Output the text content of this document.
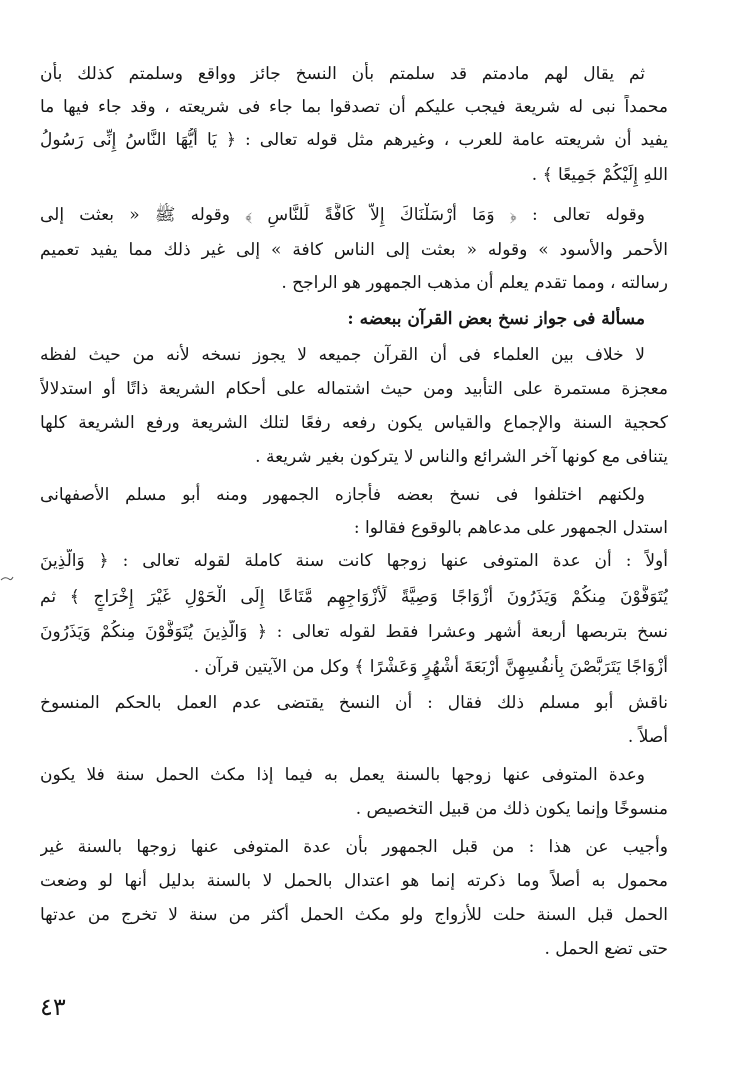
ثم يقال لهم مادمتم قد سلمتم بأن النسخ جائز وواقع وسلمتم كذلك بأن

محمداً نبى له شريعة فيجب عليكم أن تصدقوا بما جاء فى شريعته ، وقد جاء فيها ما

يفيد أن شريعته عامة للعرب ، وغيرهم مثل قوله تعالى : ﴿ يَا أَيُّهَا النَّاسُ إِنِّى رَسُولُ

اللهِ إِلَيْكُمْ جَمِيعًا ﴾ .

وقوله تعالى : ﴿ وَمَا أَرْسَلْنَاكَ إِلاَّ كَافَّةً لِّلنَّاسِ ﴾ وقوله ﷺ « بعثت إلى

الأحمر والأسود » وقوله « بعثت إلى الناس كافة » إلى غير ذلك مما يفيد تعميم

رسالته ، ومما تقدم يعلم أن مذهب الجمهور هو الراجح .

مسألة فى جواز نسخ بعض القرآن ببعضه :

لا خلاف بين العلماء فى أن القرآن جميعه لا يجوز نسخه لأنه من حيث لفظه

معجزة مستمرة على التأبيد ومن حيث اشتماله على أحكام الشريعة ذاتًا أو استدلالاً

كحجية السنة والإجماع والقياس يكون رفعه رفعًا لتلك الشريعة ورفع الشريعة كلها

يتنافى مع كونها آخر الشرائع والناس لا يتركون بغير شريعة .

ولكنهم اختلفوا فى نسخ بعضه فأجازه الجمهور ومنه أبو مسلم الأصفهانى

استدل الجمهور على مدعاهم بالوقوع فقالوا :

أولاً : أن عدة المتوفى عنها زوجها كانت سنة كاملة لقوله تعالى : ﴿ وَالَّذِينَ

يُتَوَفَّوْنَ مِنكُمْ وَيَذَرُونَ أَزْوَاجًا وَصِيَّةً لِّأَزْوَاجِهِم مَّتَاعًا إِلَى الْحَوْلِ غَيْرَ إِخْرَاجٍ ﴾ ثم

نسخ بتربصها أربعة أشهر وعشرا فقط لقوله تعالى : ﴿ وَالَّذِينَ يُتَوَفَّوْنَ مِنكُمْ وَيَذَرُونَ

أَزْوَاجًا يَتَرَبَّصْنَ بِأَنفُسِهِنَّ أَرْبَعَةَ أَشْهُرٍ وَعَشْرًا ﴾ وكل من الآيتين قرآن .

ناقش أبو مسلم ذلك فقال : أن النسخ يقتضى عدم العمل بالحكم المنسوخ

أصلاً .

وعدة المتوفى عنها زوجها بالسنة يعمل به فيما إذا مكث الحمل سنة فلا يكون

منسوخًا وإنما يكون ذلك من قبيل التخصيص .

وأجيب عن هذا : من قبل الجمهور بأن عدة المتوفى عنها زوجها بالسنة غير

محمول به أصلاً وما ذكرته إنما هو اعتدال بالحمل لا بالسنة بدليل أنها لو وضعت

الحمل قبل السنة حلت للأزواج ولو مكث الحمل أكثر من سنة لا تخرج من عدتها

حتى تضع الحمل .

٤٣
